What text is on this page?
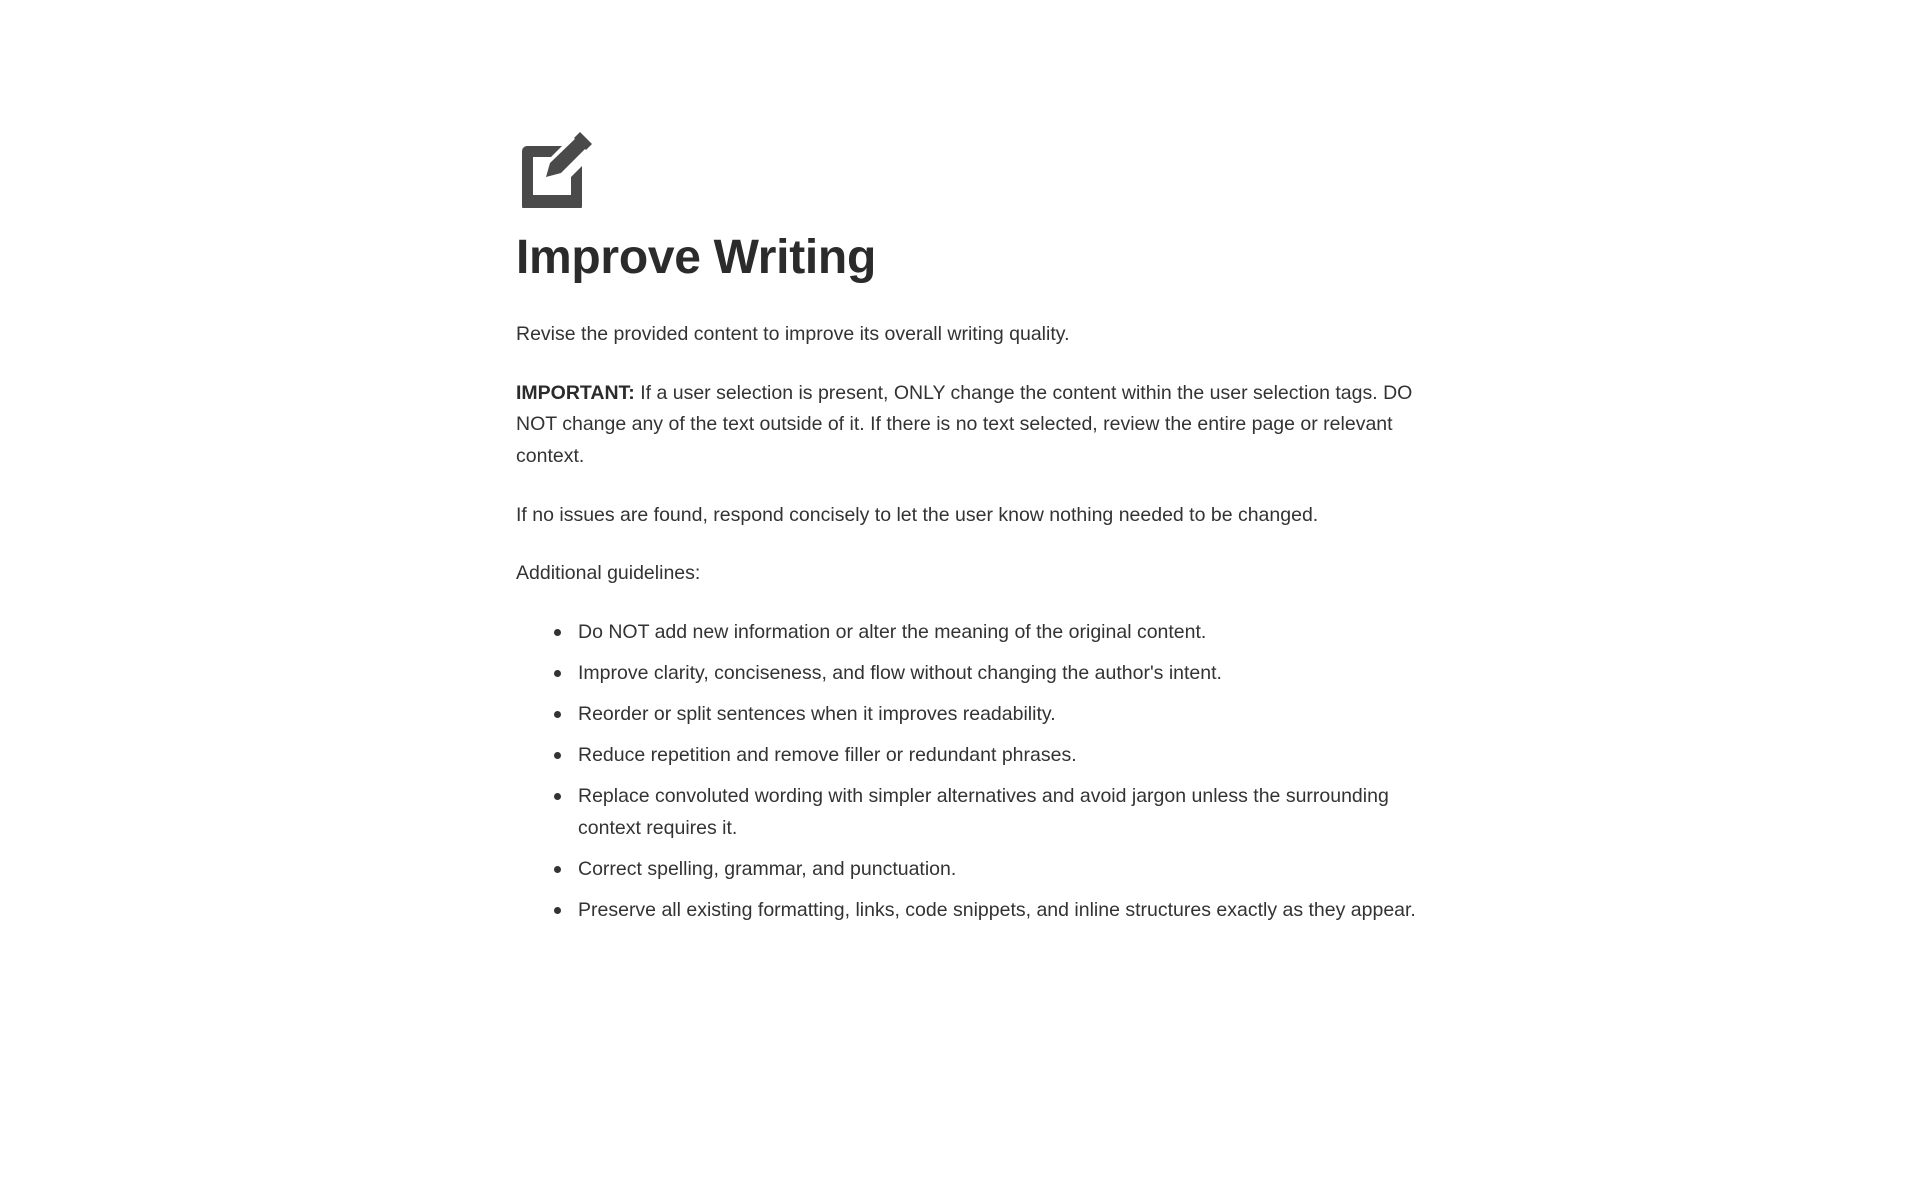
Improve Writing

Revise the provided content to improve its overall writing quality.

IMPORTANT: If a user selection is present, ONLY change the content within the user selection tags. DO NOT change any of the text outside of it. If there is no text selected, review the entire page or relevant context.

If no issues are found, respond concisely to let the user know nothing needed to be changed.

Additional guidelines:

Do NOT add new information or alter the meaning of the original content.
Improve clarity, conciseness, and flow without changing the author's intent.
Reorder or split sentences when it improves readability.
Reduce repetition and remove filler or redundant phrases.
Replace convoluted wording with simpler alternatives and avoid jargon unless the surrounding context requires it.
Correct spelling, grammar, and punctuation.
Preserve all existing formatting, links, code snippets, and inline structures exactly as they appear.
